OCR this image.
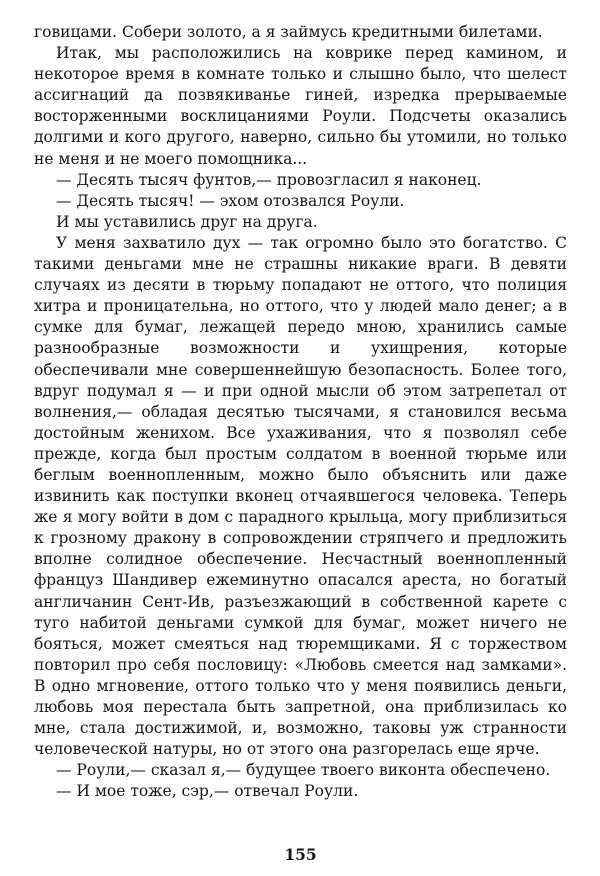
говицами. Собери золото, а я займусь кредитными билетами.

Итак, мы расположились на коврике перед камином, и некоторое время в комнате только и слышно было, что шелест ассигнаций да позвякиванье гиней, изредка прерываемые восторженными восклицаниями Роули. Подсчеты оказались долгими и кого другого, наверно, сильно бы утомили, но только не меня и не моего помощника...

— Десять тысяч фунтов,— провозгласил я наконец.

— Десять тысяч! — эхом отозвался Роули.

И мы уставились друг на друга.

У меня захватило дух — так огромно было это богатство. С такими деньгами мне не страшны никакие враги. В девяти случаях из десяти в тюрьму попадают не оттого, что полиция хитра и проницательна, но оттого, что у людей мало денег; а в сумке для бумаг, лежащей передо мною, хранились самые разнообразные возможности и ухищрения, которые обеспечивали мне совершеннейшую безопасность. Более того, вдруг подумал я — и при одной мысли об этом затрепетал от волнения,— обладая десятью тысячами, я становился весьма достойным женихом. Все ухаживания, что я позволял себе прежде, когда был простым солдатом в военной тюрьме или беглым военнопленным, можно было объяснить или даже извинить как поступки вконец отчаявшегося человека. Теперь же я могу войти в дом с парадного крыльца, могу приблизиться к грозному дракону в сопровождении стряпчего и предложить вполне солидное обеспечение. Несчастный военнопленный француз Шандивер ежеминутно опасался ареста, но богатый англичанин Сент-Ив, разъезжающий в собственной карете с туго набитой деньгами сумкой для бумаг, может ничего не бояться, может смеяться над тюремщиками. Я с торжеством повторил про себя пословицу: «Любовь смеется над замками». В одно мгновение, оттого только что у меня появились деньги, любовь моя перестала быть запретной, она приблизилась ко мне, стала достижимой, и, возможно, таковы уж странности человеческой натуры, но от этого она разгорелась еще ярче.

— Роули,— сказал я,— будущее твоего виконта обеспечено.

— И мое тоже, сэр,— отвечал Роули.

155
